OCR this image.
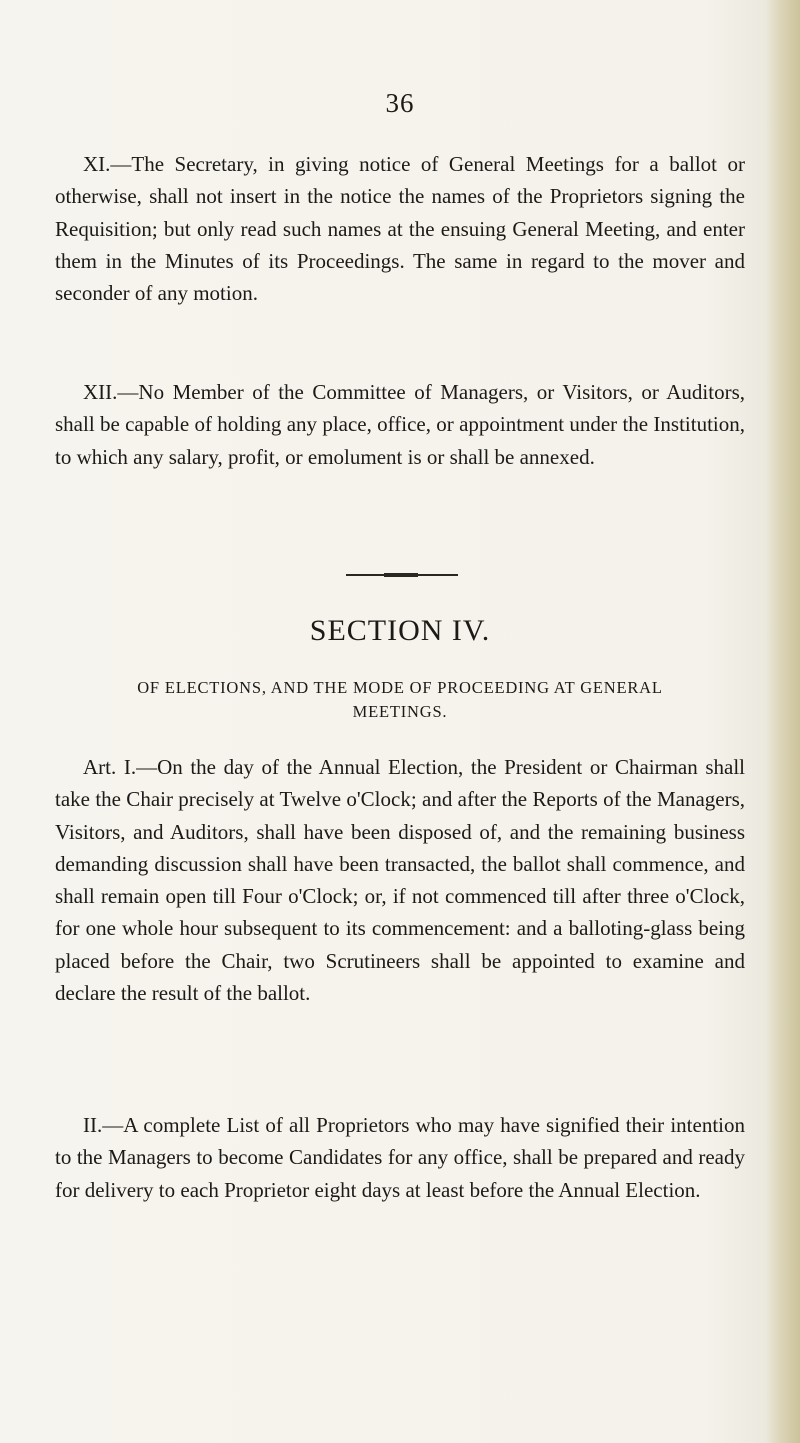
36

XI.—The Secretary, in giving notice of General Meetings for a ballot or otherwise, shall not insert in the notice the names of the Proprietors signing the Requisition; but only read such names at the ensuing General Meeting, and enter them in the Minutes of its Proceedings. The same in regard to the mover and seconder of any motion.

XII.—No Member of the Committee of Managers, or Visitors, or Auditors, shall be capable of holding any place, office, or appointment under the Institution, to which any salary, profit, or emolument is or shall be annexed.

SECTION IV.
OF ELECTIONS, AND THE MODE OF PROCEEDING AT GENERAL MEETINGS.

Art. I.—On the day of the Annual Election, the President or Chairman shall take the Chair precisely at Twelve o'Clock; and after the Reports of the Managers, Visitors, and Auditors, shall have been disposed of, and the remaining business demanding discussion shall have been transacted, the ballot shall commence, and shall remain open till Four o'Clock; or, if not commenced till after three o'Clock, for one whole hour subsequent to its commencement: and a balloting-glass being placed before the Chair, two Scrutineers shall be appointed to examine and declare the result of the ballot.

II.—A complete List of all Proprietors who may have signified their intention to the Managers to become Candidates for any office, shall be prepared and ready for delivery to each Proprietor eight days at least before the Annual Election.
